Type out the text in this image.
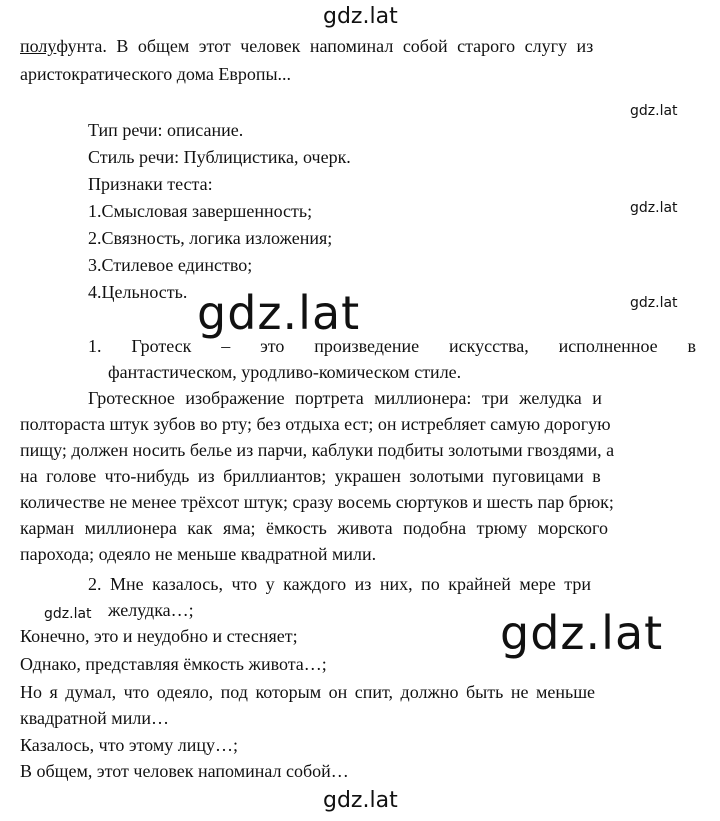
gdz.lat
gdz.lat
gdz.lat
gdz.lat
gdz.lat
gdz.lat	gdz.lat
gdz.lat
полуфунта. В общем этот человек напоминал собой старого слугу из
аристократического дома Европы...
Тип речи: описание.
Стиль речи: Публицистика, очерк.
Признаки теста:
1.Смысловая завершенность;
2.Связность, логика изложения;
3.Стилевое единство;
4.Цельность.
1. Гротеск – это произведение искусства, исполненное в
фантастическом, уродливо-комическом стиле.
Гротескное изображение портрета миллионера: три желудка и
полтораста штук зубов во рту; без отдыха ест; он истребляет самую дорогую
пищу; должен носить белье из парчи, каблуки подбиты золотыми гвоздями, а
на голове что-нибудь из бриллиантов; украшен золотыми пуговицами в
количестве не менее трёхсот штук; сразу восемь сюртуков и шесть пар брюк;
карман миллионера как яма; ёмкость живота подобна трюму морского
парохода; одеяло не меньше квадратной мили.
2. Мне казалось, что у каждого из них, по крайней мере три
желудка…;
Конечно, это и неудобно и стесняет;
Однако, представляя ёмкость живота…;
Но я думал, что одеяло, под которым он спит, должно быть не меньше
квадратной мили…
Казалось, что этому лицу…;
В общем, этот человек напоминал собой…
